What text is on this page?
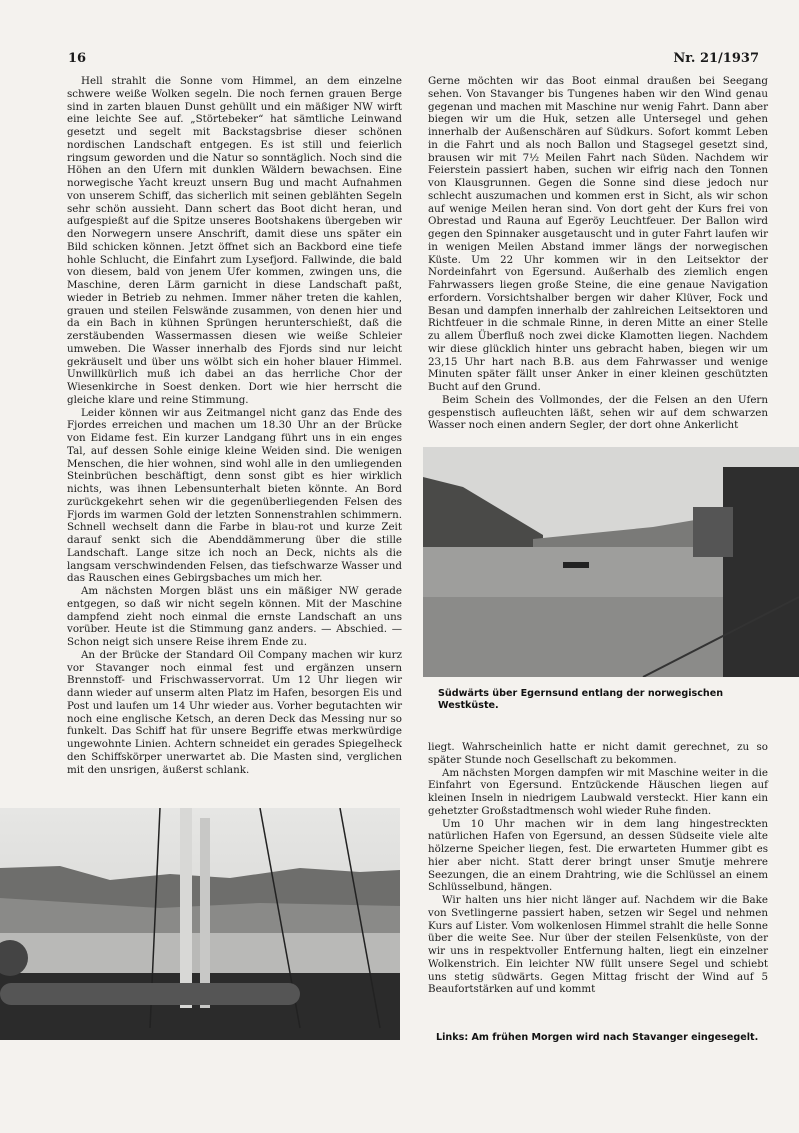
16	Nr. 21/1937

Hell strahlt die Sonne vom Himmel, an dem einzelne schwere weiße Wolken segeln. Die noch fernen grauen Berge sind in zarten blauen Dunst gehüllt und ein mäßiger NW wirft eine leichte See auf. „Störtebeker“ hat sämtliche Leinwand gesetzt und segelt mit Backstagsbrise dieser schönen nordischen Landschaft entgegen. Es ist still und feierlich ringsum geworden und die Natur so sonntäglich. Noch sind die Höhen an den Ufern mit dunklen Wäldern bewachsen. Eine norwegische Yacht kreuzt unsern Bug und macht Aufnahmen von unserem Schiff, das sicherlich mit seinen geblähten Segeln sehr schön aussieht. Dann schert das Boot dicht heran, und aufgespießt auf die Spitze unseres Bootshakens übergeben wir den Norwegern unsere Anschrift, damit diese uns später ein Bild schicken können. Jetzt öffnet sich an Backbord eine tiefe hohle Schlucht, die Einfahrt zum Lysefjord. Fallwinde, die bald von diesem, bald von jenem Ufer kommen, zwingen uns, die Maschine, deren Lärm garnicht in diese Landschaft paßt, wieder in Betrieb zu nehmen. Immer näher treten die kahlen, grauen und steilen Felswände zusammen, von denen hier und da ein Bach in kühnen Sprüngen herunterschießt, daß die zerstäubenden Wassermassen diesen wie weiße Schleier umweben. Die Wasser innerhalb des Fjords sind nur leicht gekräuselt und über uns wölbt sich ein hoher blauer Himmel. Unwillkürlich muß ich dabei an das herrliche Chor der Wiesenkirche in Soest denken. Dort wie hier herrscht die gleiche klare und reine Stimmung.

Leider können wir aus Zeitmangel nicht ganz das Ende des Fjordes erreichen und machen um 18.30 Uhr an der Brücke von Eidame fest. Ein kurzer Landgang führt uns in ein enges Tal, auf dessen Sohle einige kleine Weiden sind. Die wenigen Menschen, die hier wohnen, sind wohl alle in den umliegenden Steinbrüchen beschäftigt, denn sonst gibt es hier wirklich nichts, was ihnen Lebensunterhalt bieten könnte. An Bord zurückgekehrt sehen wir die gegenüberliegenden Felsen des Fjords im warmen Gold der letzten Sonnenstrahlen schimmern. Schnell wechselt dann die Farbe in blau-rot und kurze Zeit darauf senkt sich die Abenddämmerung über die stille Landschaft. Lange sitze ich noch an Deck, nichts als die langsam verschwindenden Felsen, das tiefschwarze Wasser und das Rauschen eines Gebirgsbaches um mich her.

Am nächsten Morgen bläst uns ein mäßiger NW gerade entgegen, so daß wir nicht segeln können. Mit der Maschine dampfend zieht noch einmal die ernste Landschaft an uns vorüber. Heute ist die Stimmung ganz anders. — Abschied. — Schon neigt sich unsere Reise ihrem Ende zu.

An der Brücke der Standard Oil Company machen wir kurz vor Stavanger noch einmal fest und ergänzen unsern Brennstoff- und Frischwasservorrat. Um 12 Uhr liegen wir dann wieder auf unserm alten Platz im Hafen, besorgen Eis und Post und laufen um 14 Uhr wieder aus. Vorher begutachten wir noch eine englische Ketsch, an deren Deck das Messing nur so funkelt. Das Schiff hat für unsere Begriffe etwas merkwürdige ungewohnte Linien. Achtern schneidet ein gerades Spiegelheck den Schiffskörper unerwartet ab. Die Masten sind, verglichen mit den unsrigen, äußerst schlank.

Gerne möchten wir das Boot einmal draußen bei Seegang sehen. Von Stavanger bis Tungenes haben wir den Wind genau gegenan und machen mit Maschine nur wenig Fahrt. Dann aber biegen wir um die Huk, setzen alle Untersegel und gehen innerhalb der Außenschären auf Südkurs. Sofort kommt Leben in die Fahrt und als noch Ballon und Stagsegel gesetzt sind, brausen wir mit 7½ Meilen Fahrt nach Süden. Nachdem wir Feierstein passiert haben, suchen wir eifrig nach den Tonnen von Klausgrunnen. Gegen die Sonne sind diese jedoch nur schlecht auszumachen und kommen erst in Sicht, als wir schon auf wenige Meilen heran sind. Von dort geht der Kurs frei von Obrestad und Rauna auf Egeröy Leuchtfeuer. Der Ballon wird gegen den Spinnaker ausgetauscht und in guter Fahrt laufen wir in wenigen Meilen Abstand immer längs der norwegischen Küste. Um 22 Uhr kommen wir in den Leitsektor der Nordeinfahrt von Egersund. Außerhalb des ziemlich engen Fahrwassers liegen große Steine, die eine genaue Navigation erfordern. Vorsichtshalber bergen wir daher Klüver, Fock und Besan und dampfen innerhalb der zahlreichen Leitsektoren und Richtfeuer in die schmale Rinne, in deren Mitte an einer Stelle zu allem Überfluß noch zwei dicke Klamotten liegen. Nachdem wir diese glücklich hinter uns gebracht haben, biegen wir um 23,15 Uhr hart nach B.B. aus dem Fahrwasser und wenige Minuten später fällt unser Anker in einer kleinen geschützten Bucht auf den Grund.

Beim Schein des Vollmondes, der die Felsen an den Ufern gespenstisch aufleuchten läßt, sehen wir auf dem schwarzen Wasser noch einen andern Segler, der dort ohne Ankerlicht

Südwärts über Egernsund entlang der norwegischen Westküste.

liegt. Wahrscheinlich hatte er nicht damit gerechnet, zu so später Stunde noch Gesellschaft zu bekommen.

Am nächsten Morgen dampfen wir mit Maschine weiter in die Einfahrt von Egersund. Entzückende Häuschen liegen auf kleinen Inseln in niedrigem Laubwald versteckt. Hier kann ein gehetzter Großstadtmensch wohl wieder Ruhe finden.

Um 10 Uhr machen wir in dem lang hingestreckten natürlichen Hafen von Egersund, an dessen Südseite viele alte hölzerne Speicher liegen, fest. Die erwarteten Hummer gibt es hier aber nicht. Statt derer bringt unser Smutje mehrere Seezungen, die an einem Drahtring, wie die Schlüssel an einem Schlüsselbund, hängen.

Wir halten uns hier nicht länger auf. Nachdem wir die Bake von Svetlingerne passiert haben, setzen wir Segel und nehmen Kurs auf Lister. Vom wolkenlosen Himmel strahlt die helle Sonne über die weite See. Nur über der steilen Felsenküste, von der wir uns in respektvoller Entfernung halten, liegt ein einzelner Wolkenstrich. Ein leichter NW füllt unsere Segel und schiebt uns stetig südwärts. Gegen Mittag frischt der Wind auf 5 Beaufortstärken auf und kommt

Links: Am frühen Morgen wird nach Stavanger eingesegelt.
